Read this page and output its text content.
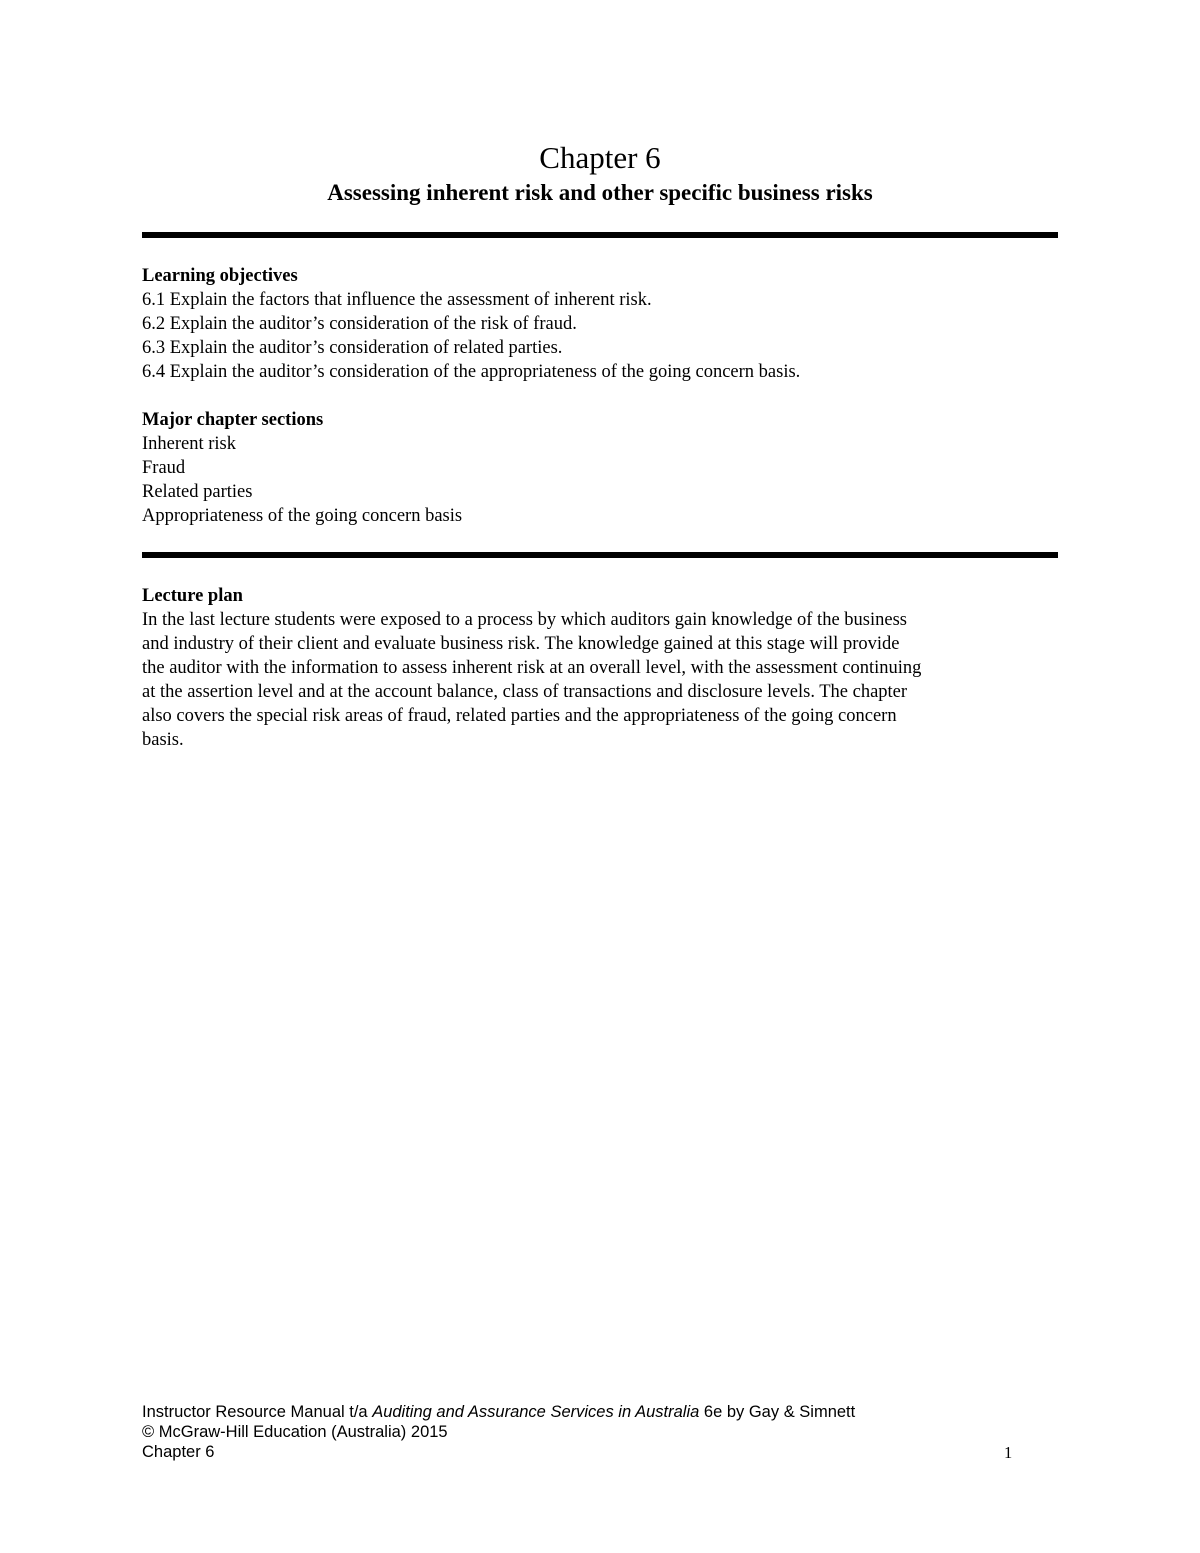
Chapter 6
Assessing inherent risk and other specific business risks
Learning objectives
6.1 Explain the factors that influence the assessment of inherent risk.
6.2 Explain the auditor’s consideration of the risk of fraud.
6.3 Explain the auditor’s consideration of related parties.
6.4 Explain the auditor’s consideration of the appropriateness of the going concern basis.
Major chapter sections
Inherent risk
Fraud
Related parties
Appropriateness of the going concern basis
Lecture plan
In the last lecture students were exposed to a process by which auditors gain knowledge of the business
and industry of their client and evaluate business risk. The knowledge gained at this stage will provide
the auditor with the information to assess inherent risk at an overall level, with the assessment continuing
at the assertion level and at the account balance, class of transactions and disclosure levels. The chapter
also covers the special risk areas of fraud, related parties and the appropriateness of the going concern
basis.
Instructor Resource Manual t/a Auditing and Assurance Services in Australia 6e by Gay & Simnett
© McGraw-Hill Education (Australia) 2015
Chapter 6	1
